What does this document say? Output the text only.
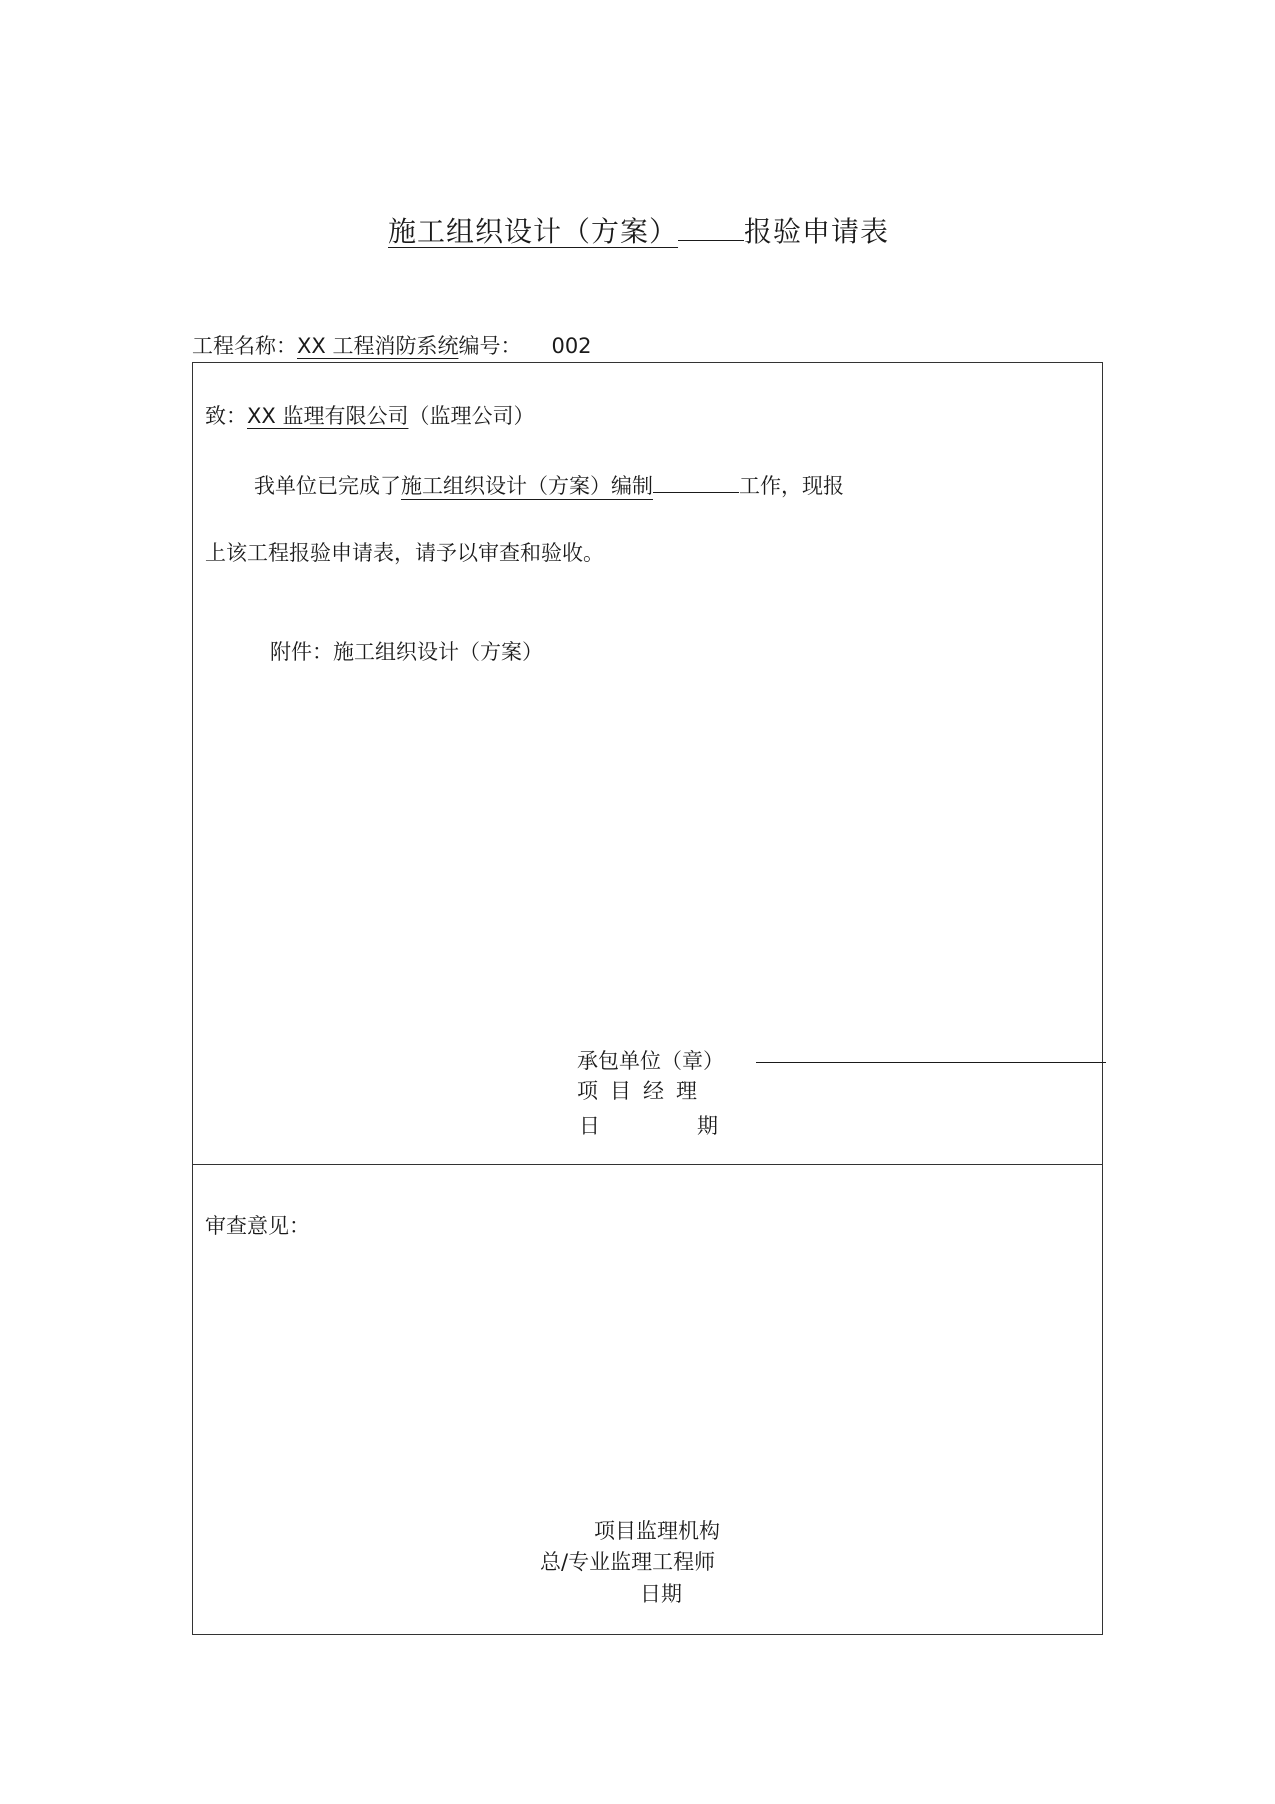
施工组织设计（方案） 报验申请表
工程名称：XX 工程消防系统编号： 002
致：XX 监理有限公司（监理公司）
我单位已完成了施工组织设计（方案）编制	工作，现报
上该工程报验申请表，请予以审查和验收。
附件：施工组织设计（方案）
承包单位（章）
项目经理
日	期
审查意见：
项目监理机构
总/专业监理工程师
日期
